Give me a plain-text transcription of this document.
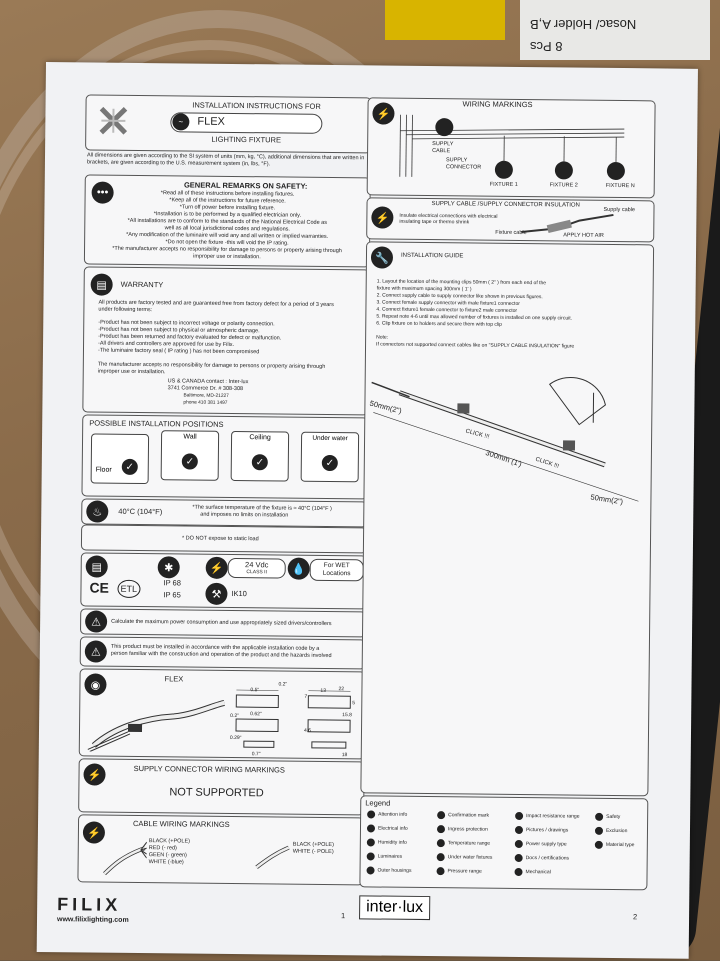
8 Pcs
Nosac/ Holder A,B
INSTALLATION INSTRUCTIONS FOR
~	FLEX
LIGHTING FIXTURE
All dimensions are given according to the SI system of units (mm, kg, °C), additional dimensions that are written in brackets, are given according to the U.S. measurement system (in, lbs, °F).
•••
GENERAL REMARKS ON SAFETY:
*Read all of these instructions before installing fixtures.
*Keep all of the instructions for future reference.
*Turn off power before installing fixture.
*Installation is to be performed by a qualified electrician only.
*All installations are to conform to the standards of the National Electrical Code as
well as all local jurisdictional codes and regulations.
*Any modification of the luminaire will void any and all written or implied warranties.
*Do not open the fixture -this will void the IP rating.
*The manufacturer accepts no responsibility for damage to persons or property arising through
improper use or installation.
▤	WARRANTY
All products are factory tested and are guaranteed free from factory defect for a period of 3 years
under following terms:
-Product has not been subject to incorrect voltage or polarity connection.
-Product has not been subject to physical or atmospheric damage.
-Product has been returned and factory evaluated for defect or malfunction.
-All drivers and controllers are approved for use by Filix.
-The luminaire factory seal ( IP rating ) has not been compromised
The manufacturer accepts no responsibility for damage to persons or property arising through
improper use or installation.
US & CANADA contact : Inter-lux
3741 Commerce Dr. # 308-308
Baltimore, MD-21227
phone 410 381 1497
POSSIBLE INSTALLATION POSITIONS
Floor	✓
Wall
✓
Ceiling
✓
Under water
✓
♨	40°C (104°F)	*The surface temperature of the fixture is ≈ 40°C (104°F )
and imposes no limits on installation
* DO NOT expose to static load
▤
CE	ETL
✱
IP 68
IP 65
⚡	24 Vdc
CLASS II
⚒	IK10
💧	For WET
Locations
⚠	Calculate the maximum power consumption and use appropriately sized drivers/controllers
⚠	This product must be installed in accordance with the applicable installation code by a
person familiar with the construction and operation of the product and the hazards involved
◉
FLEX
0.5"
0.62"
0.7"
0.29"
0.2"
0.2"
13
15.8
18
22
4.6
7
5
⚡	SUPPLY CONNECTOR WIRING MARKINGS
NOT SUPPORTED
⚡
CABLE WIRING MARKINGS
BLACK (+POLE)
RED (- red)
GEEN (- green)
WHITE (-blue)
BLACK (+POLE)
WHITE (- POLE)
FILIX
www.filixlighting.com	1
⚡
WIRING MARKINGS
SUPPLY
CABLE
SUPPLY
CONNECTOR
FIXTURE 1	FIXTURE 2	FIXTURE N
⚡
SUPPLY CABLE /SUPPLY CONNECTOR INSULATION
Insulate electrical connections with electrical
insulating tape or thermo shrink
Supply cable
Fixture cable	APPLY HOT AIR
🔧	INSTALLATION GUIDE
1. Layout the location of the mounting clips 50mm ( 2" ) from each end of the
fixture with maximum spacing 300mm ( 1' )
2. Connect supply cable to supply connector like shown in previous figures.
3. Connect female supply connector with male fixture1 connector
4. Connect fixture1 female connector to fixture2 male connector
5. Repeat note 4-6 until max allowed number of fixtures is installed on one supply circuit.
6. Clip fixture on to holders and secure them with top clip
Note:
If connectors not supported connect cables like on "SUPPLY CABLE INSULATION" figure
50mm(2")
CLICK !!!
300mm (1') CLICK !!!
50mm(2")
Legend
Attention info	Confirmation mark	Impact resistance range	Safety
Electrical info	Ingress protection	Pictures / drawings	Exclusion
Humidity info	Temperature range	Power supply type	Material type
Luminaires	Under water fixtures	Docs / certifications
Outer housings	Pressure range	Mechanical
inter·lux
2
